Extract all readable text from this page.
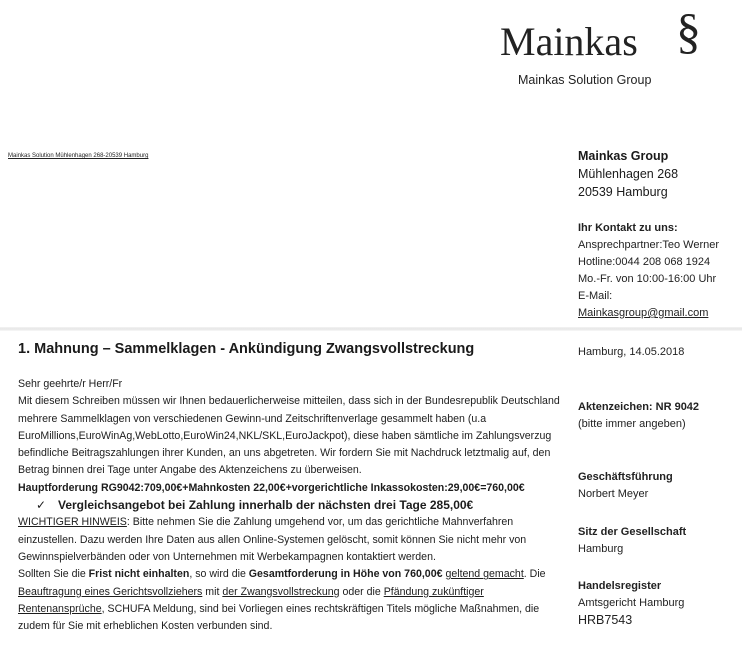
Mainkas §
Mainkas Solution Group
Mainkas Solution Mühlenhagen 268-20539 Hamburg	Mainkas Group
Mühlenhagen 268
20539 Hamburg
Ihr Kontakt zu uns:
Ansprechpartner:Teo Werner
Hotline:0044 208 068 1924
Mo.-Fr. von 10:00-16:00 Uhr
E-Mail:
Mainkasgroup@gmail.com
Hamburg, 14.05.2018
Aktenzeichen: NR 9042
(bitte immer angeben)
Geschäftsführung
Norbert Meyer
Sitz der Gesellschaft
Hamburg
Handelsregister
Amtsgericht Hamburg
HRB7543
1. Mahnung – Sammelklagen - Ankündigung Zwangsvollstreckung

Sehr geehrte/r Herr/Fr

Mit diesem Schreiben müssen wir Ihnen bedauerlicherweise mitteilen, dass sich in der Bundesrepublik Deutschland mehrere Sammelklagen von verschiedenen Gewinn-und Zeitschriftenverlage gesammelt haben (u.a EuroMillions,EuroWinAg,WebLotto,EuroWin24,NKL/SKL,EuroJackpot), diese haben sämtliche im Zahlungsverzug befindliche Beitragszahlungen ihrer Kunden, an uns abgetreten. Wir fordern Sie mit Nachdruck letztmalig auf, den Betrag binnen drei Tage unter Angabe des Aktenzeichens zu überweisen.

Hauptforderung RG9042:709,00€+Mahnkosten 22,00€+vorgerichtliche Inkassokosten:29,00€=760,00€

✓ Vergleichsangebot bei Zahlung innerhalb der nächsten drei Tage 285,00€

WICHTIGER HINWEIS: Bitte nehmen Sie die Zahlung umgehend vor, um das gerichtliche Mahnverfahren einzustellen. Dazu werden Ihre Daten aus allen Online-Systemen gelöscht, somit können Sie nicht mehr von Gewinnspielverbänden oder von Unternehmen mit Werbekampagnen kontaktiert werden.

Sollten Sie die Frist nicht einhalten, so wird die Gesamtforderung in Höhe von 760,00€ geltend gemacht. Die Beauftragung eines Gerichtsvollziehers mit der Zwangsvollstreckung oder die Pfändung zukünftiger Rentenansprüche, SCHUFA Meldung, sind bei Vorliegen eines rechtskräftigen Titels mögliche Maßnahmen, die zudem für Sie mit erheblichen Kosten verbunden sind.
